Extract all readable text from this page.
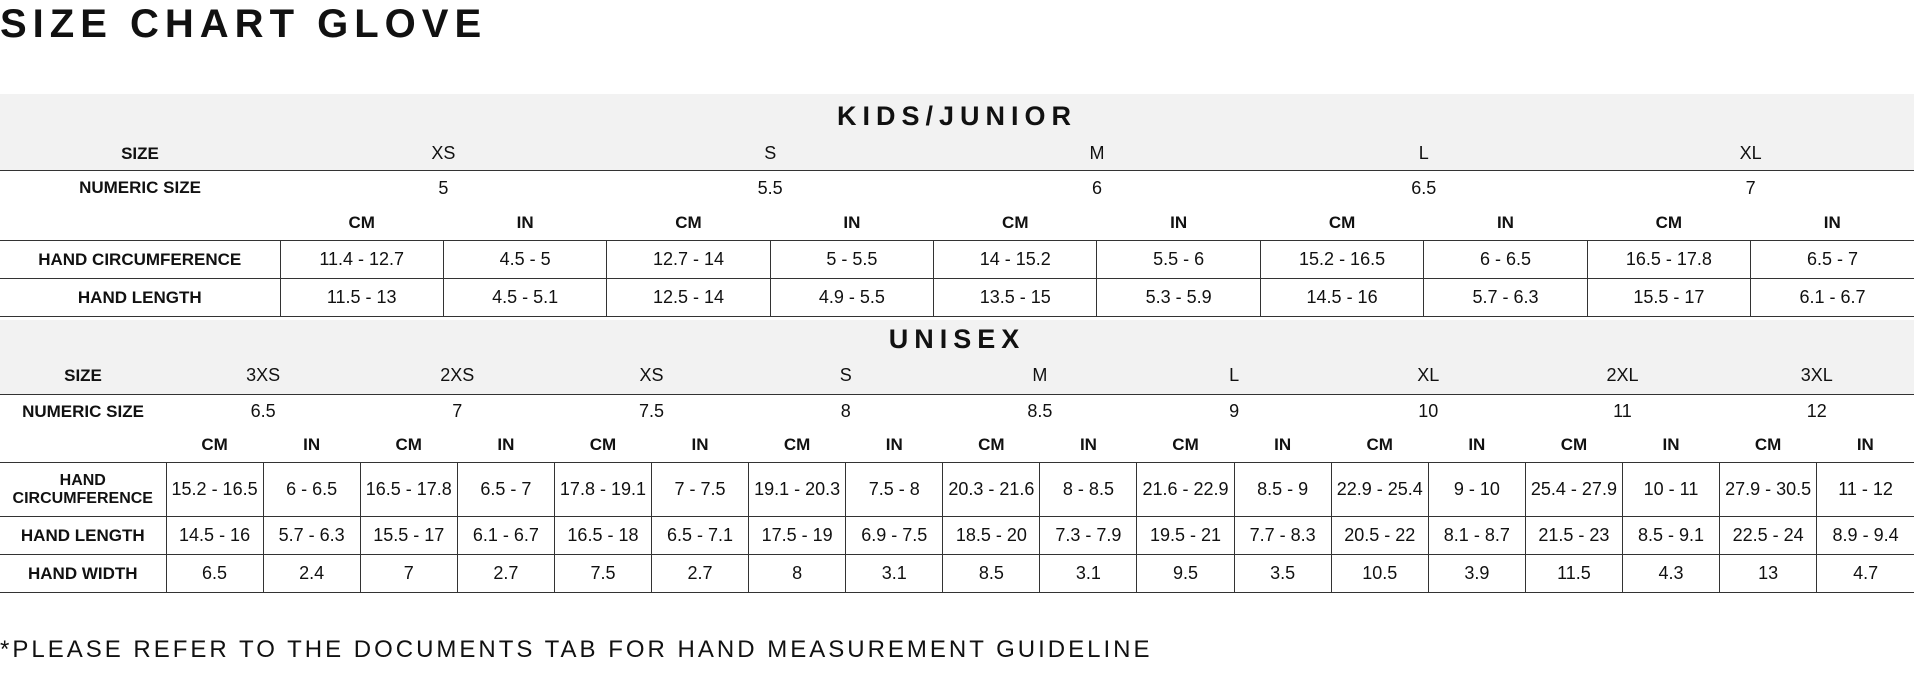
SIZE CHART GLOVE
KIDS/JUNIOR
SIZE	XS	S	M	L	XL
NUMERIC SIZE	5		5.5		6		6.5		7	
	CM	IN	CM	IN	CM	IN	CM	IN	CM	IN
HAND CIRCUMFERENCE	11.4 - 12.7	4.5 - 5	12.7 - 14	5 - 5.5	14 - 15.2	5.5 - 6	15.2 - 16.5	6 - 6.5	16.5 - 17.8	6.5 - 7
HAND LENGTH	11.5 - 13	4.5 - 5.1	12.5 - 14	4.9 - 5.5	13.5 - 15	5.3 - 5.9	14.5 - 16	5.7 - 6.3	15.5 - 17	6.1 - 6.7
UNISEX
SIZE	3XS	2XS	XS	S	M	L	XL	2XL	3XL
NUMERIC SIZE	6.5		7		7.5		8		8.5		9		10		11		12	
	CM	IN	CM	IN	CM	IN	CM	IN	CM	IN	CM	IN	CM	IN	CM	IN	CM	IN
HAND
CIRCUMFERENCE	15.2 - 16.5	6 - 6.5	16.5 - 17.8	6.5 - 7	17.8 - 19.1	7 - 7.5	19.1 - 20.3	7.5 - 8	20.3 - 21.6	8 - 8.5	21.6 - 22.9	8.5 - 9	22.9 - 25.4	9 - 10	25.4 - 27.9	10 - 11	27.9 - 30.5	11 - 12
HAND LENGTH	14.5 - 16	5.7 - 6.3	15.5 - 17	6.1 - 6.7	16.5 - 18	6.5 - 7.1	17.5 - 19	6.9 - 7.5	18.5 - 20	7.3 - 7.9	19.5 - 21	7.7 - 8.3	20.5 - 22	8.1 - 8.7	21.5 - 23	8.5 - 9.1	22.5 - 24	8.9 - 9.4
HAND WIDTH	6.5	2.4	7	2.7	7.5	2.7	8	3.1	8.5	3.1	9.5	3.5	10.5	3.9	11.5	4.3	13	4.7
*PLEASE REFER TO THE DOCUMENTS TAB FOR HAND MEASUREMENT GUIDELINE
